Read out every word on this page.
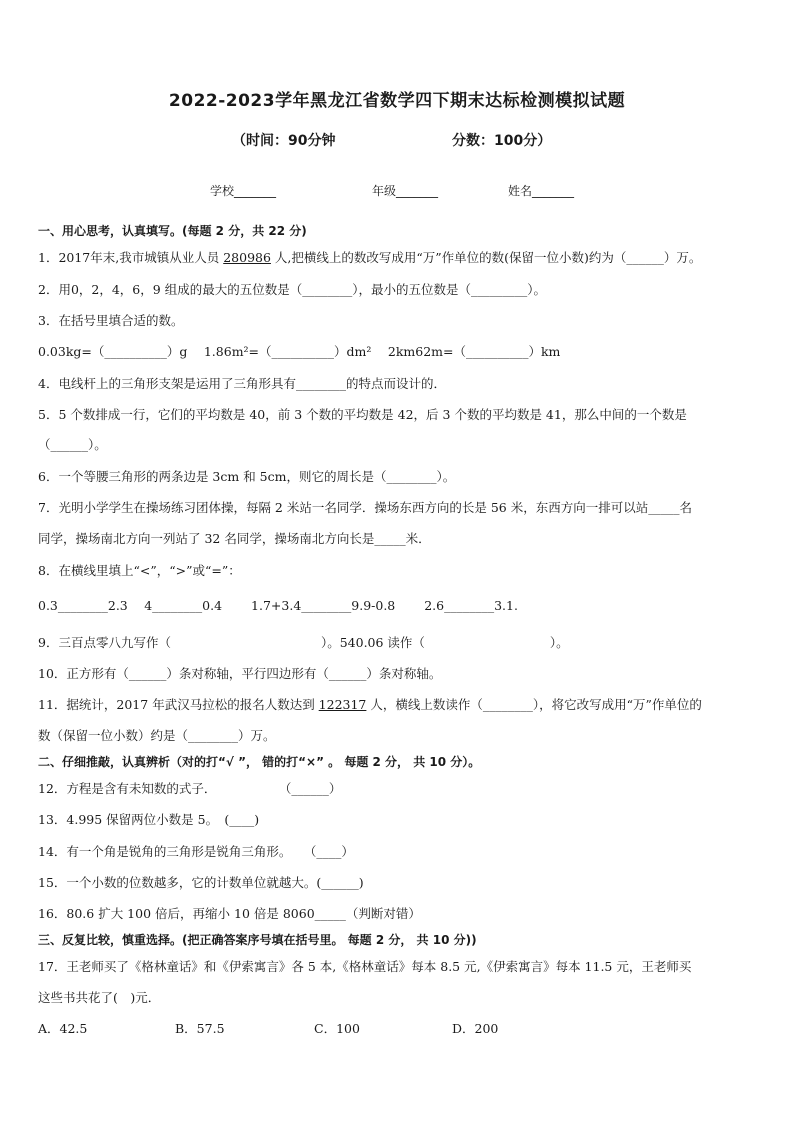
2022-2023学年黑龙江省数学四下期末达标检测模拟试题
（时间：90分钟	分数：100分）
学校_______	年级_______	姓名_______
一、用心思考，认真填写。(每题 2 分，共 22 分)
1．2017年末,我市城镇从业人员 280986 人,把横线上的数改写成用“万”作单位的数(保留一位小数)约为（______）万。
2．用0，2，4，6，9 组成的最大的五位数是（________），最小的五位数是（_________）。
3．在括号里填合适的数。
0.03kg=（__________）g　 1.86m²=（__________）dm²　 2km62m=（__________）km
4．电线杆上的三角形支架是运用了三角形具有________的特点而设计的．
5．5 个数排成一行，它们的平均数是 40，前 3 个数的平均数是 42，后 3 个数的平均数是 41，那么中间的一个数是
（______）。
6．一个等腰三角形的两条边是 3cm 和 5cm，则它的周长是（________）。
7．光明小学学生在操场练习团体操，每隔 2 米站一名同学．操场东西方向的长是 56 米，东西方向一排可以站_____名
同学，操场南北方向一列站了 32 名同学，操场南北方向长是_____米．
8．在横线里填上“<”，“>”或“=”：
0.3________2.3　 4________0.4　　 1.7+3.4________9.9-0.8　　 2.6________3.1.
9．三百点零八九写作（　　　　　　　　　　　　）。540.06 读作（　　　　　　　　　　）。
10．正方形有（______）条对称轴，平行四边形有（______）条对称轴。
11．据统计，2017 年武汉马拉松的报名人数达到 122317 人，横线上数读作（________），将它改写成用“万”作单位的
数（保留一位小数）约是（________）万。
二、仔细推敲，认真辨析（对的打“√ ”， 错的打“×” 。 每题 2 分， 共 10 分）。
12．方程是含有未知数的式子．　　　　　　（______）
13．4.995 保留两位小数是 5。　(____)
14．有一个角是锐角的三角形是锐角三角形。　　（____）
15．一个小数的位数越多，它的计数单位就越大。(______)
16．80.6 扩大 100 倍后，再缩小 10 倍是 8060_____（判断对错）
三、反复比较，慎重选择。(把正确答案序号填在括号里。 每题 2 分， 共 10 分))
17．王老师买了《格林童话》和《伊索寓言》各 5 本,《格林童话》每本 8.5 元,《伊索寓言》每本 11.5 元，王老师买
这些书共花了(　)元．
A．42.5	B．57.5	C．100	D．200
